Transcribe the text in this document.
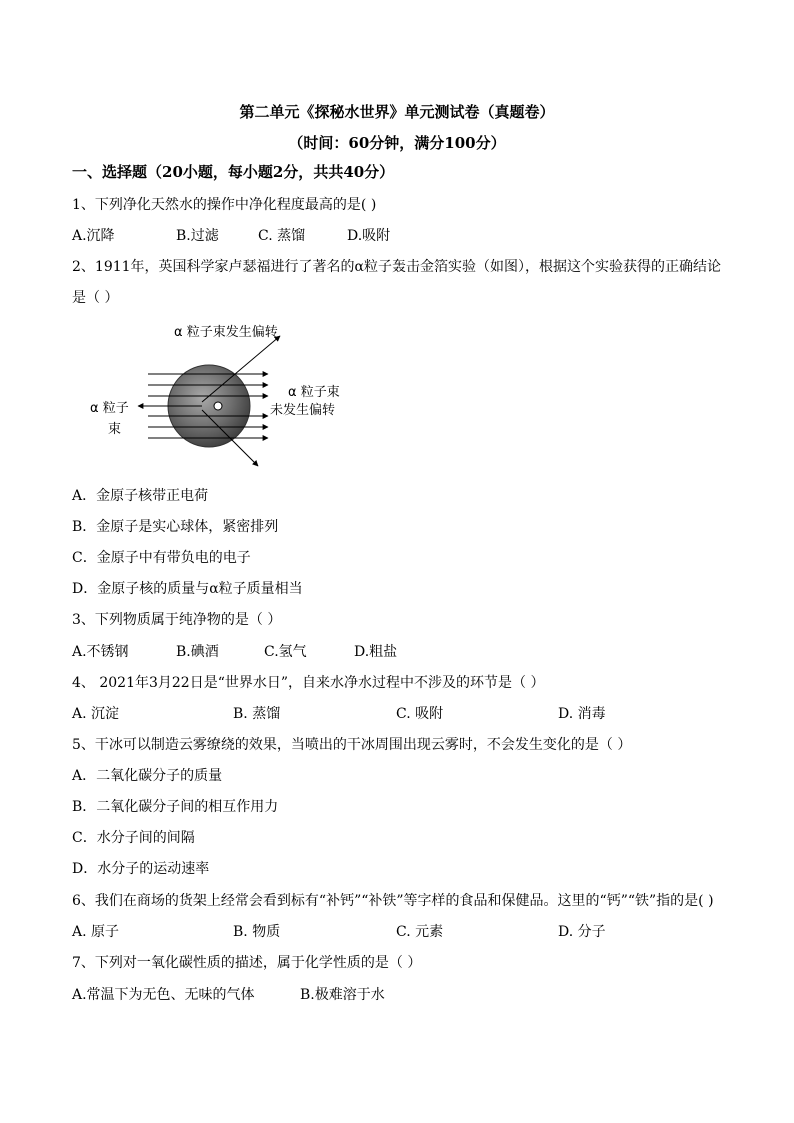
第二单元《探秘水世界》单元测试卷（真题卷）
（时间：60分钟，满分100分）
一、选择题（20小题，每小题2分，共共40分）
1、下列净化天然水的操作中净化程度最高的是( )
A.沉降	B.过滤	C. 蒸馏	D.吸附
2、1911年，英国科学家卢瑟福进行了著名的α粒子轰击金箔实验（如图），根据这个实验获得的正确结论
是（ ）
α 粒子束发生偏转
α 粒子束
未发生偏转
α 粒子
束
A．金原子核带正电荷
B．金原子是实心球体，紧密排列
C．金原子中有带负电的电子
D．金原子核的质量与α粒子质量相当
3、下列物质属于纯净物的是（ ）
A.不锈钢	B.碘酒	C.氢气	D.粗盐
4、 2021年3月22日是“世界水日”，自来水净水过程中不涉及的环节是（ ）
A. 沉淀	B. 蒸馏	C. 吸附	D. 消毒
5、干冰可以制造云雾缭绕的效果，当喷出的干冰周围出现云雾时，不会发生变化的是（ ）
A．二氧化碳分子的质量
B．二氧化碳分子间的相互作用力
C．水分子间的间隔
D．水分子的运动速率
6、我们在商场的货架上经常会看到标有“补钙”“补铁”等字样的食品和保健品。这里的“钙”“铁”指的是( )
A. 原子	B. 物质	C. 元素	D. 分子
7、下列对一氧化碳性质的描述，属于化学性质的是（ ）
A.常温下为无色、无味的气体	B.极难溶于水
